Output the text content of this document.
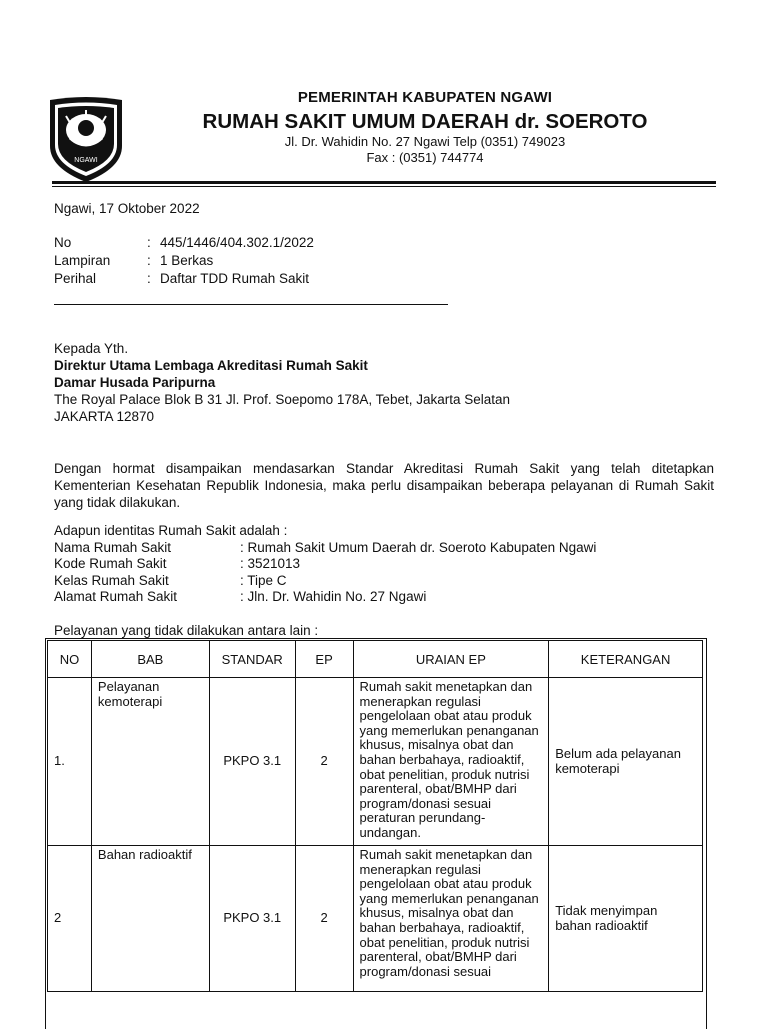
NGAWI
PEMERINTAH KABUPATEN NGAWI
RUMAH SAKIT UMUM DAERAH dr. SOEROTO
Jl. Dr. Wahidin No. 27 Ngawi Telp (0351) 749023
Fax : (0351) 744774
Ngawi, 17 Oktober 2022
No	: 445/1446/404.302.1/2022
Lampiran	: 1 Berkas
Perihal	: Daftar TDD Rumah Sakit
Kepada Yth.
Direktur Utama Lembaga Akreditasi Rumah Sakit
Damar Husada Paripurna
The Royal Palace Blok B 31 Jl. Prof. Soepomo 178A, Tebet, Jakarta Selatan
JAKARTA 12870
Dengan hormat disampaikan mendasarkan Standar Akreditasi Rumah Sakit yang telah ditetapkan Kementerian Kesehatan Republik Indonesia, maka perlu disampaikan beberapa pelayanan di Rumah Sakit yang tidak dilakukan.
Adapun identitas Rumah Sakit adalah :
Nama Rumah Sakit	: Rumah Sakit Umum Daerah dr. Soeroto Kabupaten Ngawi
Kode Rumah Sakit	: 3521013
Kelas Rumah Sakit	: Tipe C
Alamat Rumah Sakit	: Jln. Dr. Wahidin No. 27 Ngawi
Pelayanan yang tidak dilakukan antara lain :
NO	BAB	STANDAR	EP	URAIAN EP	KETERANGAN
1.	Pelayanan kemoterapi	PKPO 3.1	2	Rumah sakit menetapkan dan menerapkan regulasi pengelolaan obat atau produk yang memerlukan penanganan khusus, misalnya obat dan bahan berbahaya, radioaktif, obat penelitian, produk nutrisi parenteral, obat/BMHP dari program/donasi sesuai peraturan perundang-undangan.	Belum ada pelayanan kemoterapi
2	Bahan radioaktif	PKPO 3.1	2	Rumah sakit menetapkan dan menerapkan regulasi pengelolaan obat atau produk yang memerlukan penanganan khusus, misalnya obat dan bahan berbahaya, radioaktif, obat penelitian, produk nutrisi parenteral, obat/BMHP dari program/donasi sesuai	Tidak menyimpan bahan radioaktif
